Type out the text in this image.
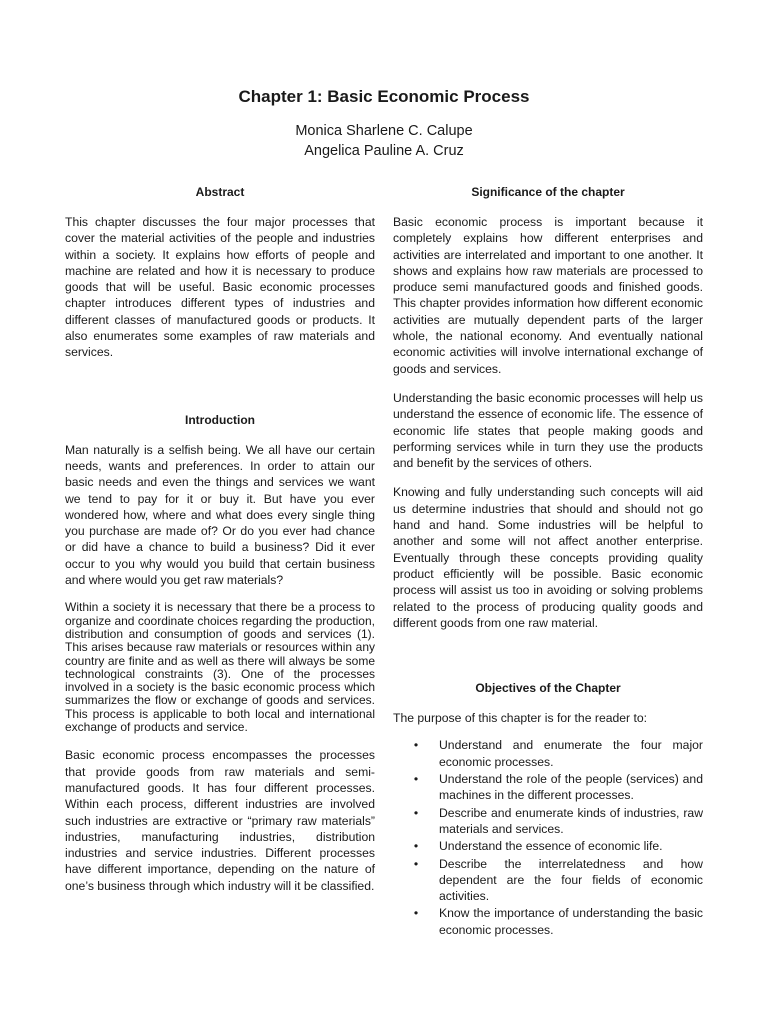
Chapter 1: Basic Economic Process
Monica Sharlene C. Calupe
Angelica Pauline A. Cruz
Abstract

This chapter discusses the four major processes that cover the material activities of the people and industries within a society. It explains how efforts of people and machine are related and how it is necessary to produce goods that will be useful. Basic economic processes chapter introduces different types of industries and different classes of manufactured goods or products. It also enumerates some examples of raw materials and services.

Introduction

Man naturally is a selfish being. We all have our certain needs, wants and preferences. In order to attain our basic needs and even the things and services we want we tend to pay for it or buy it. But have you ever wondered how, where and what does every single thing you purchase are made of? Or do you ever had chance or did have a chance to build a business? Did it ever occur to you why would you build that certain business and where would you get raw materials?

Within a society it is necessary that there be a process to organize and coordinate choices regarding the production, distribution and consumption of goods and services (1). This arises because raw materials or resources within any country are finite and as well as there will always be some technological constraints (3). One of the processes involved in a society is the basic economic process which summarizes the flow or exchange of goods and services. This process is applicable to both local and international exchange of products and service.

Basic economic process encompasses the processes that provide goods from raw materials and semi-manufactured goods. It has four different processes. Within each process, different industries are involved such industries are extractive or “primary raw materials” industries, manufacturing industries, distribution industries and service industries. Different processes have different importance, depending on the nature of one’s business through which industry will it be classified.

Significance of the chapter

Basic economic process is important because it completely explains how different enterprises and activities are interrelated and important to one another. It shows and explains how raw materials are processed to produce semi manufactured goods and finished goods. This chapter provides information how different economic activities are mutually dependent parts of the larger whole, the national economy. And eventually national economic activities will involve international exchange of goods and services.

Understanding the basic economic processes will help us understand the essence of economic life. The essence of economic life states that people making goods and performing services while in turn they use the products and benefit by the services of others.

Knowing and fully understanding such concepts will aid us determine industries that should and should not go hand and hand. Some industries will be helpful to another and some will not affect another enterprise. Eventually through these concepts providing quality product efficiently will be possible. Basic economic process will assist us too in avoiding or solving problems related to the process of producing quality goods and different goods from one raw material.

Objectives of the Chapter

The purpose of this chapter is for the reader to:

• Understand and enumerate the four major economic processes.
• Understand the role of the people (services) and machines in the different processes.
• Describe and enumerate kinds of industries, raw materials and services.
• Understand the essence of economic life.
• Describe the interrelatedness and how dependent are the four fields of economic activities.
• Know the importance of understanding the basic economic processes.
